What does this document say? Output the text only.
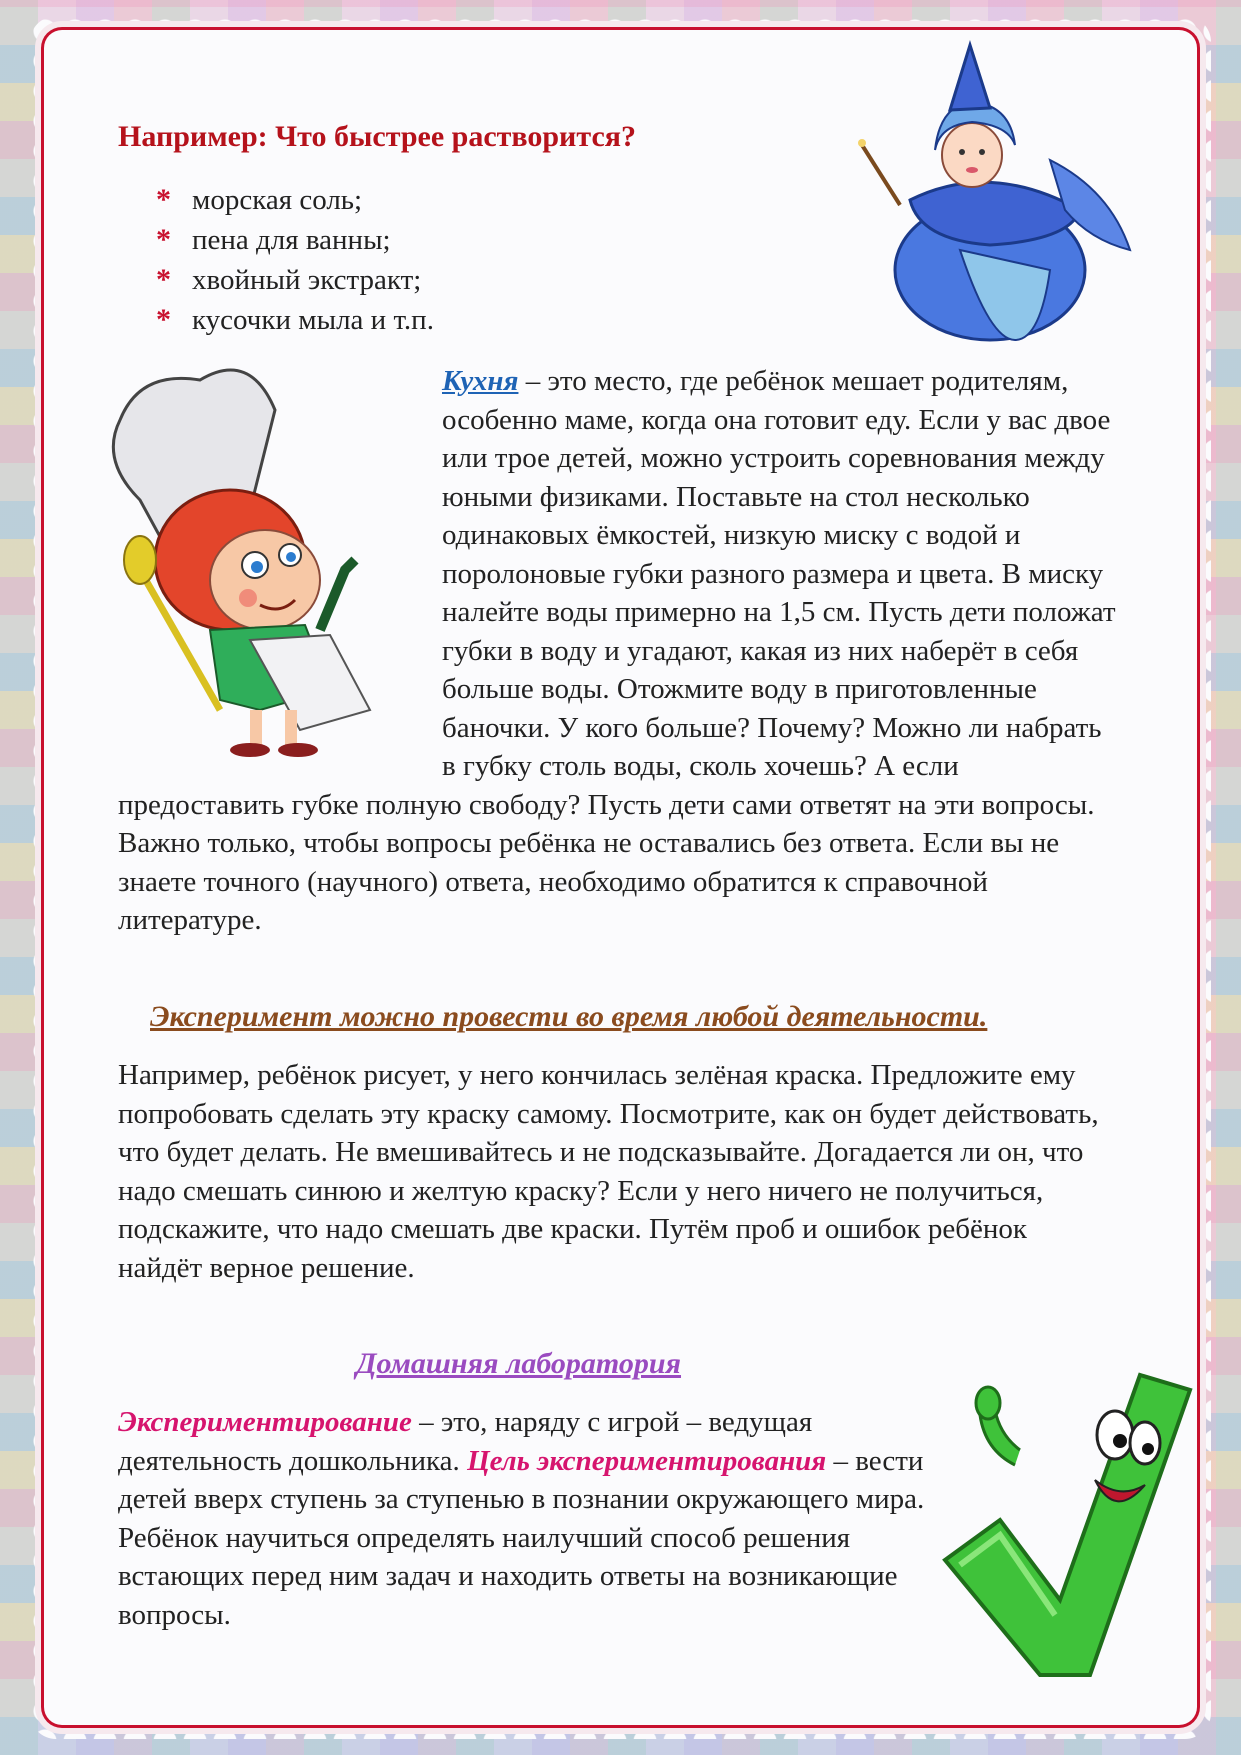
Например: Что быстрее растворится?
* морская соль;
* пена для ванны;
* хвойный экстракт;
* кусочки мыла и т.п.

Кухня – это место, где ребёнок мешает родителям, особенно маме, когда она готовит еду. Если у вас двое или трое детей, можно устроить соревнования между юными физиками. Поставьте на стол несколько одинаковых ёмкостей, низкую миску с водой и поролоновые губки разного размера и цвета. В миску налейте воды примерно на 1,5 см. Пусть дети положат губки в воду и угадают, какая из них наберёт в себя больше воды. Отожмите воду в приготовленные баночки. У кого больше? Почему? Можно ли набрать в губку столь воды, сколь хочешь? А если предоставить губке полную свободу? Пусть дети сами ответят на эти вопросы. Важно только, чтобы вопросы ребёнка не оставались без ответа. Если вы не знаете точного (научного) ответа, необходимо обратится к справочной литературе.

Эксперимент можно провести во время любой деятельности.

Например, ребёнок рисует, у него кончилась зелёная краска. Предложите ему попробовать сделать эту краску самому. Посмотрите, как он будет действовать, что будет делать. Не вмешивайтесь и не подсказывайте. Догадается ли он, что надо смешать синюю и желтую краску? Если у него ничего не получиться, подскажите, что надо смешать две краски. Путём проб и ошибок ребёнок найдёт верное решение.

Домашняя лаборатория

Экспериментирование – это, наряду с игрой – ведущая деятельность дошкольника. Цель экспериментирования – вести детей вверх ступень за ступенью в познании окружающего мира. Ребёнок научиться определять наилучший способ решения встающих перед ним задач и находить ответы на возникающие вопросы.
